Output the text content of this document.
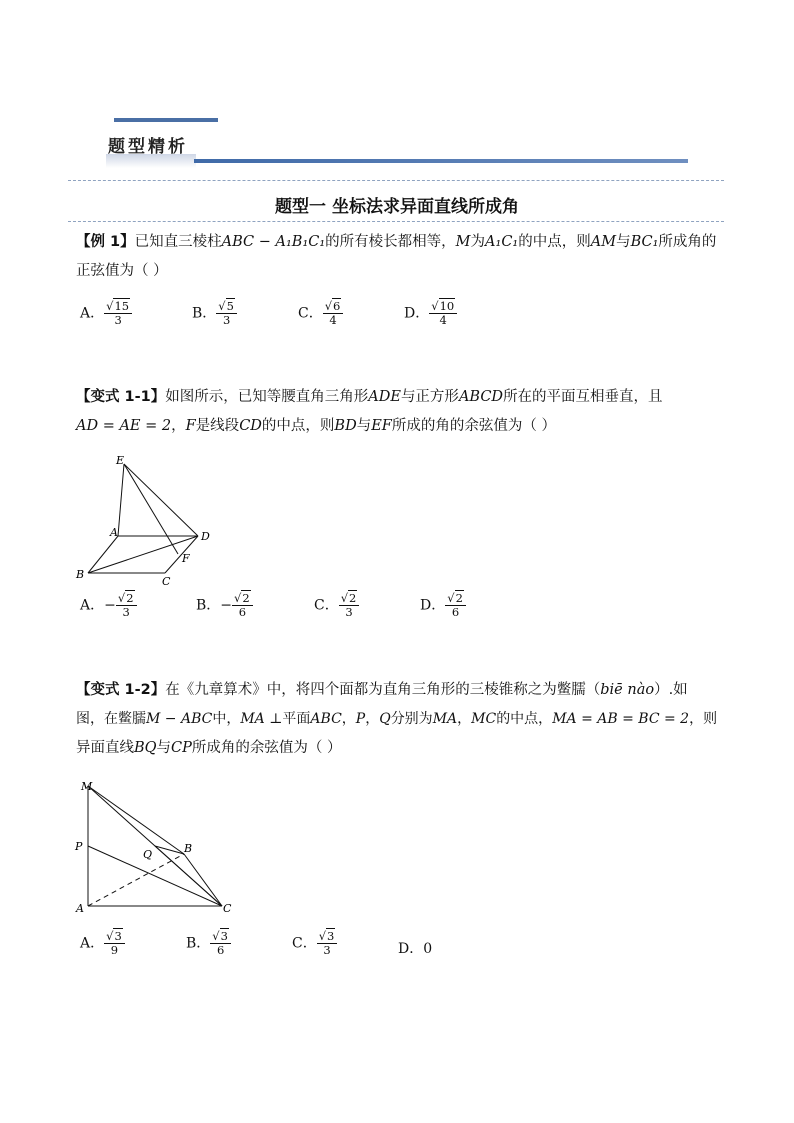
题型精析
题型一 坐标法求异面直线所成角
【例 1】已知直三棱柱ABC − A₁B₁C₁的所有棱长都相等，M为A₁C₁的中点，则AM与BC₁所成角的
正弦值为（ ）
A． $\frac{√15}{3}$	B． $\frac{√5}{3}$	C． $\frac{√6}{4}$	D． $\frac{√10}{4}$
【变式 1-1】如图所示，已知等腰直角三角形ADE与正方形ABCD所在的平面互相垂直，且
AD = AE = 2，F是线段CD的中点，则BD与EF所成的角的余弦值为（ ）
E
A	D
F
B
C
A．− $\frac{√2}{3}$	B．− $\frac{√2}{6}$	C． $\frac{√2}{3}$	D． $\frac{√2}{6}$
【变式 1-2】在《九章算术》中，将四个面都为直角三角形的三棱锥称之为鳖臑（biē nào）.如
图，在鳖臑M − ABC中，MA ⊥平面ABC，P，Q分别为MA，MC的中点，MA = AB = BC = 2，则
异面直线BQ与CP所成角的余弦值为（ ）
M
P
Q	B
A	C
A． $\frac{√3}{9}$	B． $\frac{√3}{6}$	C． $\frac{√3}{3}$	D．0
